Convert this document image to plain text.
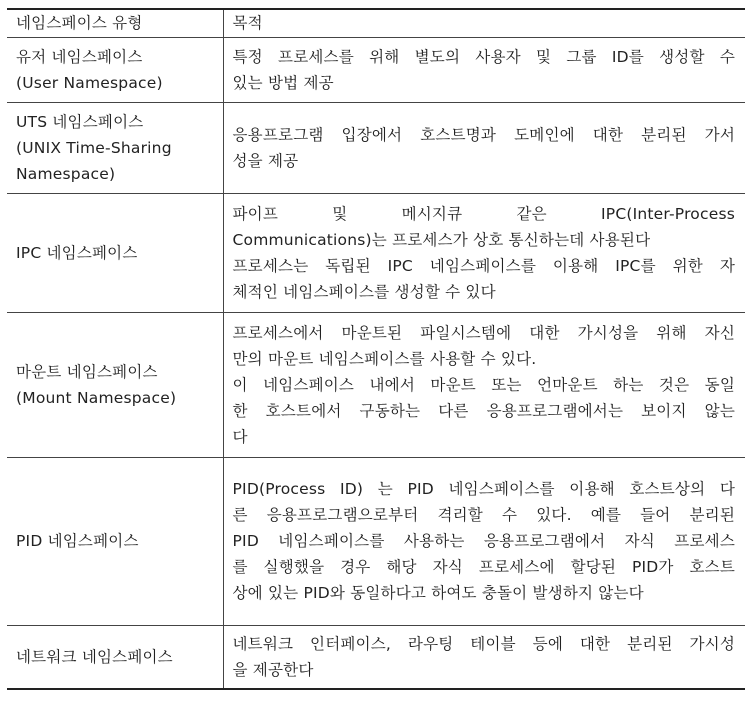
네임스페이스 유형	목적

유저 네임스페이스
(User Namespace)	특정 프로세스를 위해 별도의 사용자 및 그룹 ID를 생성할 수
있는 방법 제공

UTS 네임스페이스
(UNIX Time-Sharing
Namespace)	응용프로그램 입장에서 호스트명과 도메인에 대한 분리된 가서
성을 제공

IPC 네임스페이스	파이프 및 메시지큐 같은 IPC(Inter-Process
Communications)는 프로세스가 상호 통신하는데 사용된다
프로세스는 독립된 IPC 네임스페이스를 이용해 IPC를 위한 자
체적인 네임스페이스를 생성할 수 있다

마운트 네임스페이스
(Mount Namespace)	프로세스에서 마운트된 파일시스템에 대한 가시성을 위해 자신
만의 마운트 네임스페이스를 사용할 수 있다.
이 네임스페이스 내에서 마운트 또는 언마운트 하는 것은 동일
한 호스트에서 구동하는 다른 응용프로그램에서는 보이지 않는
다

PID 네임스페이스	PID(Process ID) 는 PID 네임스페이스를 이용해 호스트상의 다
른 응용프로그램으로부터 격리할 수 있다. 예를 들어 분리된
PID 네임스페이스를 사용하는 응용프로그램에서 자식 프로세스
를 실행했을 경우 해당 자식 프로세스에 할당된 PID가 호스트
상에 있는 PID와 동일하다고 하여도 충돌이 발생하지 않는다

네트워크 네임스페이스	네트워크 인터페이스, 라우팅 테이블 등에 대한 분리된 가시성
을 제공한다
